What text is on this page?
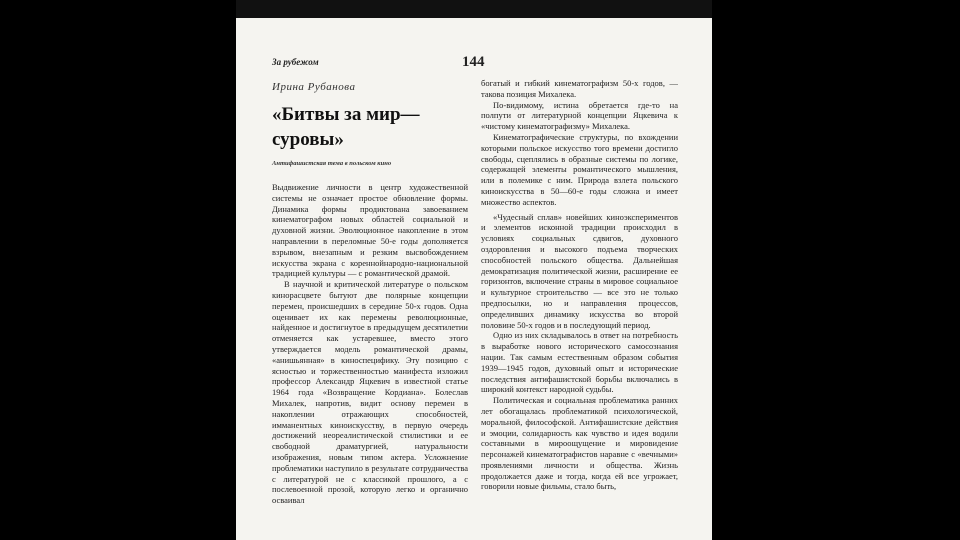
За рубежом	144
Ирина Рубанова
«Битвы за мир— суровы»
Антифашистская тема в польском кино

Выдвижение личности в центр художественной системы не означает простое обновление формы. Динамика формы продиктована завоеванием кинематографом новых областей социальной и духовной жизни. Эволюционное накопление в этом направлении в переломные 50-е годы дополняется взрывом, внезапным и резким высвобождением искусства экрана с кореннойнародно-национальной традицией культуры — с романтической драмой.

В научной и критической литературе о польском кинорасцвете бытуют две полярные концепции перемен, происшедших в середине 50-х годов. Одна оценивает их как перемены революционные, найденное и достигнутое в предыдущем десятилетии отменяется как устаревшее, вместо этого утверждается модель романтической драмы, «анишьянная» в киноспецифику. Эту позицию с ясностью и торжественностью манифеста изложил профессор Александр Яцкевич в известной статье 1964 года «Возвращение Кордиана». Болеслав Михалек, напротив, видит основу перемен в накоплении отражающих способностей, имманентных киноискусству, в первую очередь достижений неореалистической стилистики и ее свободной драматургией, натуральности изображения, новым типом актера. Усложнение проблематики наступило в результате сотрудничества с литературой не с классикой прошлого, а с послевоенной прозой, которую легко и органично осваивал

богатый и гибкий кинематографизм 50-х годов, — такова позиция Михалека.

По-видимому, истина обретается где-то на полпути от литературной концепции Яцкевича к «чистому кинематографизму» Михалека.

Кинематографические структуры, по вхождении которыми польское искусство того времени достигло свободы, сцеплялись в образные системы по логике, содержащей элементы романтического мышления, или в полемике с ним. Природа взлета польского киноискусства в 50—60-е годы сложна и имеет множество аспектов.

«Чудесный сплав» новейших киноэкспериментов и элементов исконной традиции происходил в условиях социальных сдвигов, духовного оздоровления и высокого подъема творческих способностей польского общества. Дальнейшая демократизация политической жизни, расширение ее горизонтов, включение страны в мировое социальное и культурное строительство — все это не только предпосылки, но и направления процессов, определивших динамику искусства во второй половине 50-х годов и в последующий период.

Одно из них складывалось в ответ на потребность в выработке нового исторического самосознания нации. Так самым естественным образом события 1939—1945 годов, духовный опыт и исторические последствия антифашистской борьбы включались в широкий контекст народной судьбы.

Политическая и социальная проблематика ранних лет обогащалась проблематикой психологической, моральной, философской. Антифашистские действия и эмоции, солидарность как чувство и идея водили составными в мироощущение и мировидение персонажей кинематографистов наравне с «вечными» проявлениями личности и общества. Жизнь продолжается даже и тогда, когда ей все угрожает, говорили новые фильмы, стало быть,
